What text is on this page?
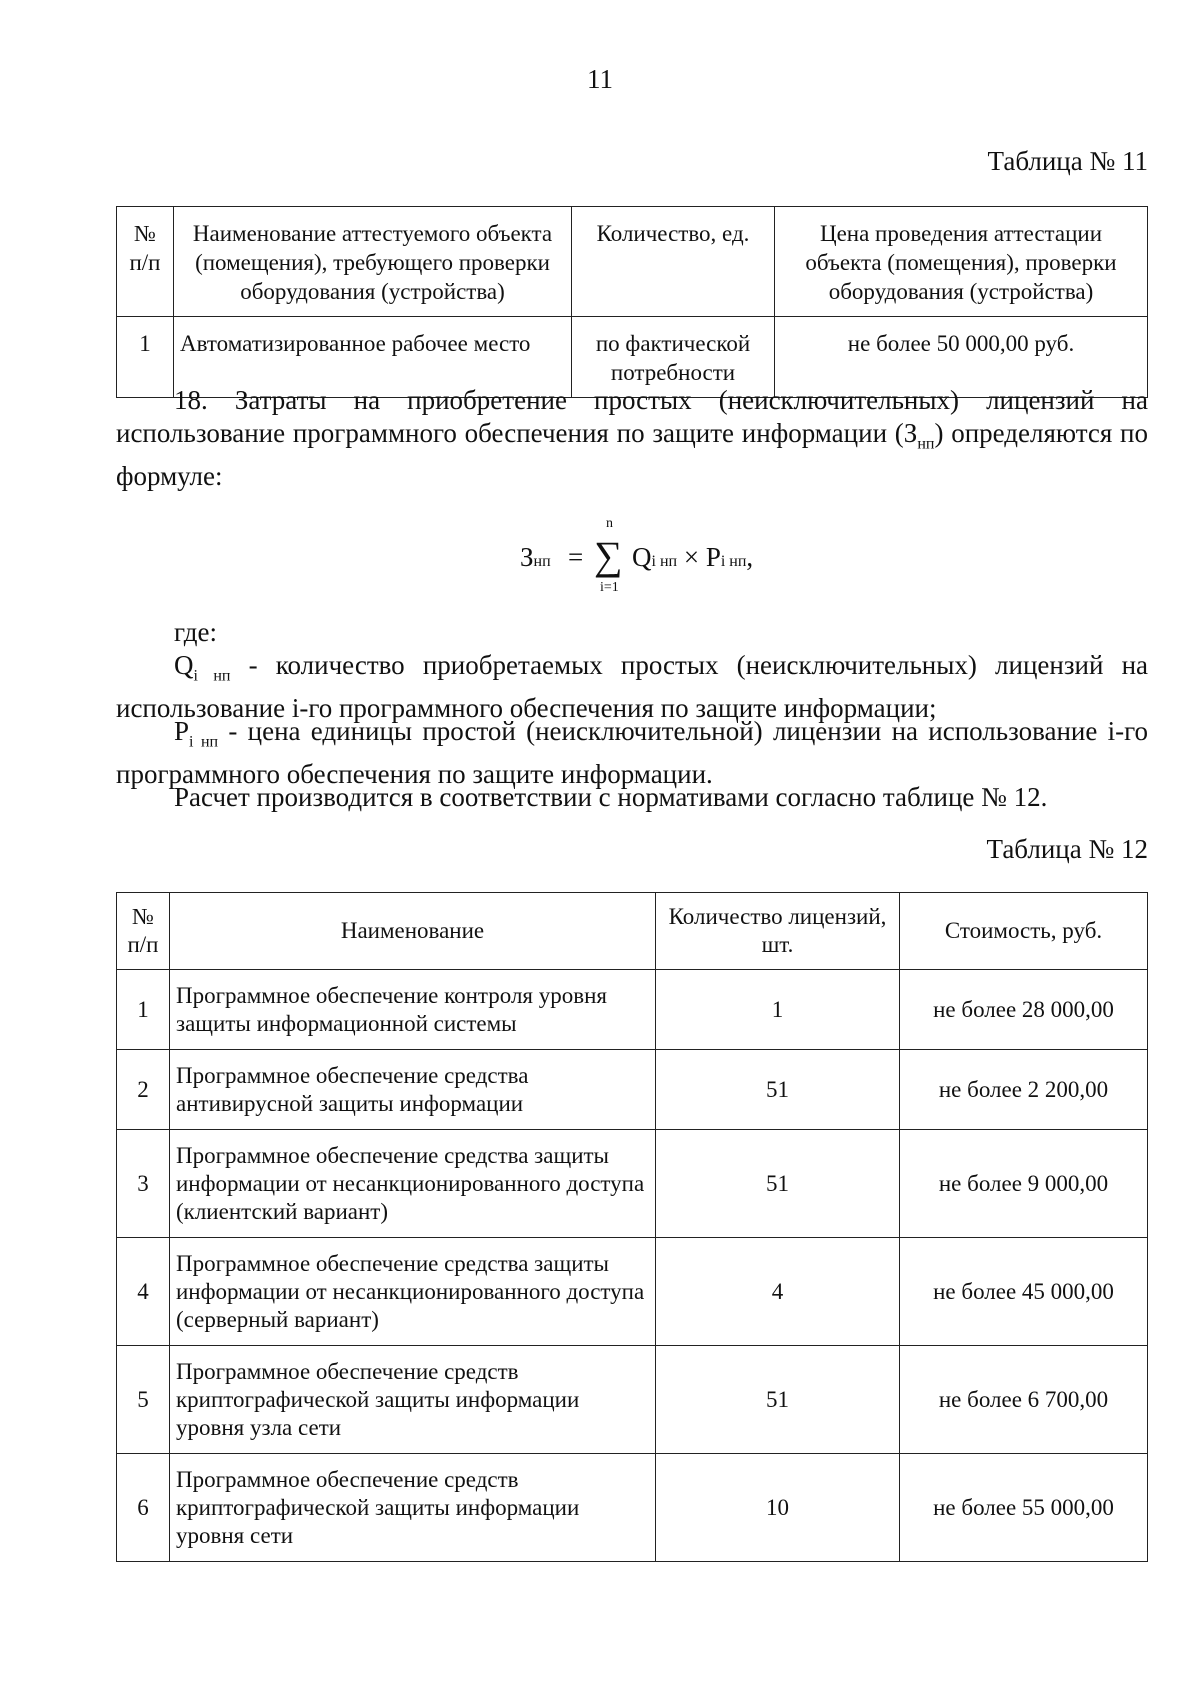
11
Таблица № 11
№ п/п	Наименование аттестуемого объекта (помещения), требующего проверки оборудования (устройства)	Количество, ед.	Цена проведения аттестации объекта (помещения), проверки оборудования (устройства)
1	Автоматизированное рабочее место	по фактической потребности	не более 50 000,00 руб.
18. Затраты на приобретение простых (неисключительных) лицензий на использование программного обеспечения по защите информации $(З_{нп})$ определяются по формуле:
Знп =
n
∑
i=1
Qi нп × Pi нп,
где:
$Q_{i нп}$ - количество приобретаемых простых (неисключительных) лицензий на использование i-го программного обеспечения по защите информации;
$P_{i нп}$ - цена единицы простой (неисключительной) лицензии на использование i-го программного обеспечения по защите информации.
Расчет производится в соответствии с нормативами согласно таблице № 12.
Таблица № 12
№ п/п	Наименование	Количество лицензий, шт.	Стоимость, руб.
1	Программное обеспечение контроля уровня защиты информационной системы	1	не более 28 000,00
2	Программное обеспечение средства антивирусной защиты информации	51	не более 2 200,00
3	Программное обеспечение средства защиты информации от несанкционированного доступа (клиентский вариант)	51	не более 9 000,00
4	Программное обеспечение средства защиты информации от несанкционированного доступа (серверный вариант)	4	не более 45 000,00
5	Программное обеспечение средств криптографической защиты информации уровня узла сети	51	не более 6 700,00
6	Программное обеспечение средств криптографической защиты информации уровня сети	10	не более 55 000,00
